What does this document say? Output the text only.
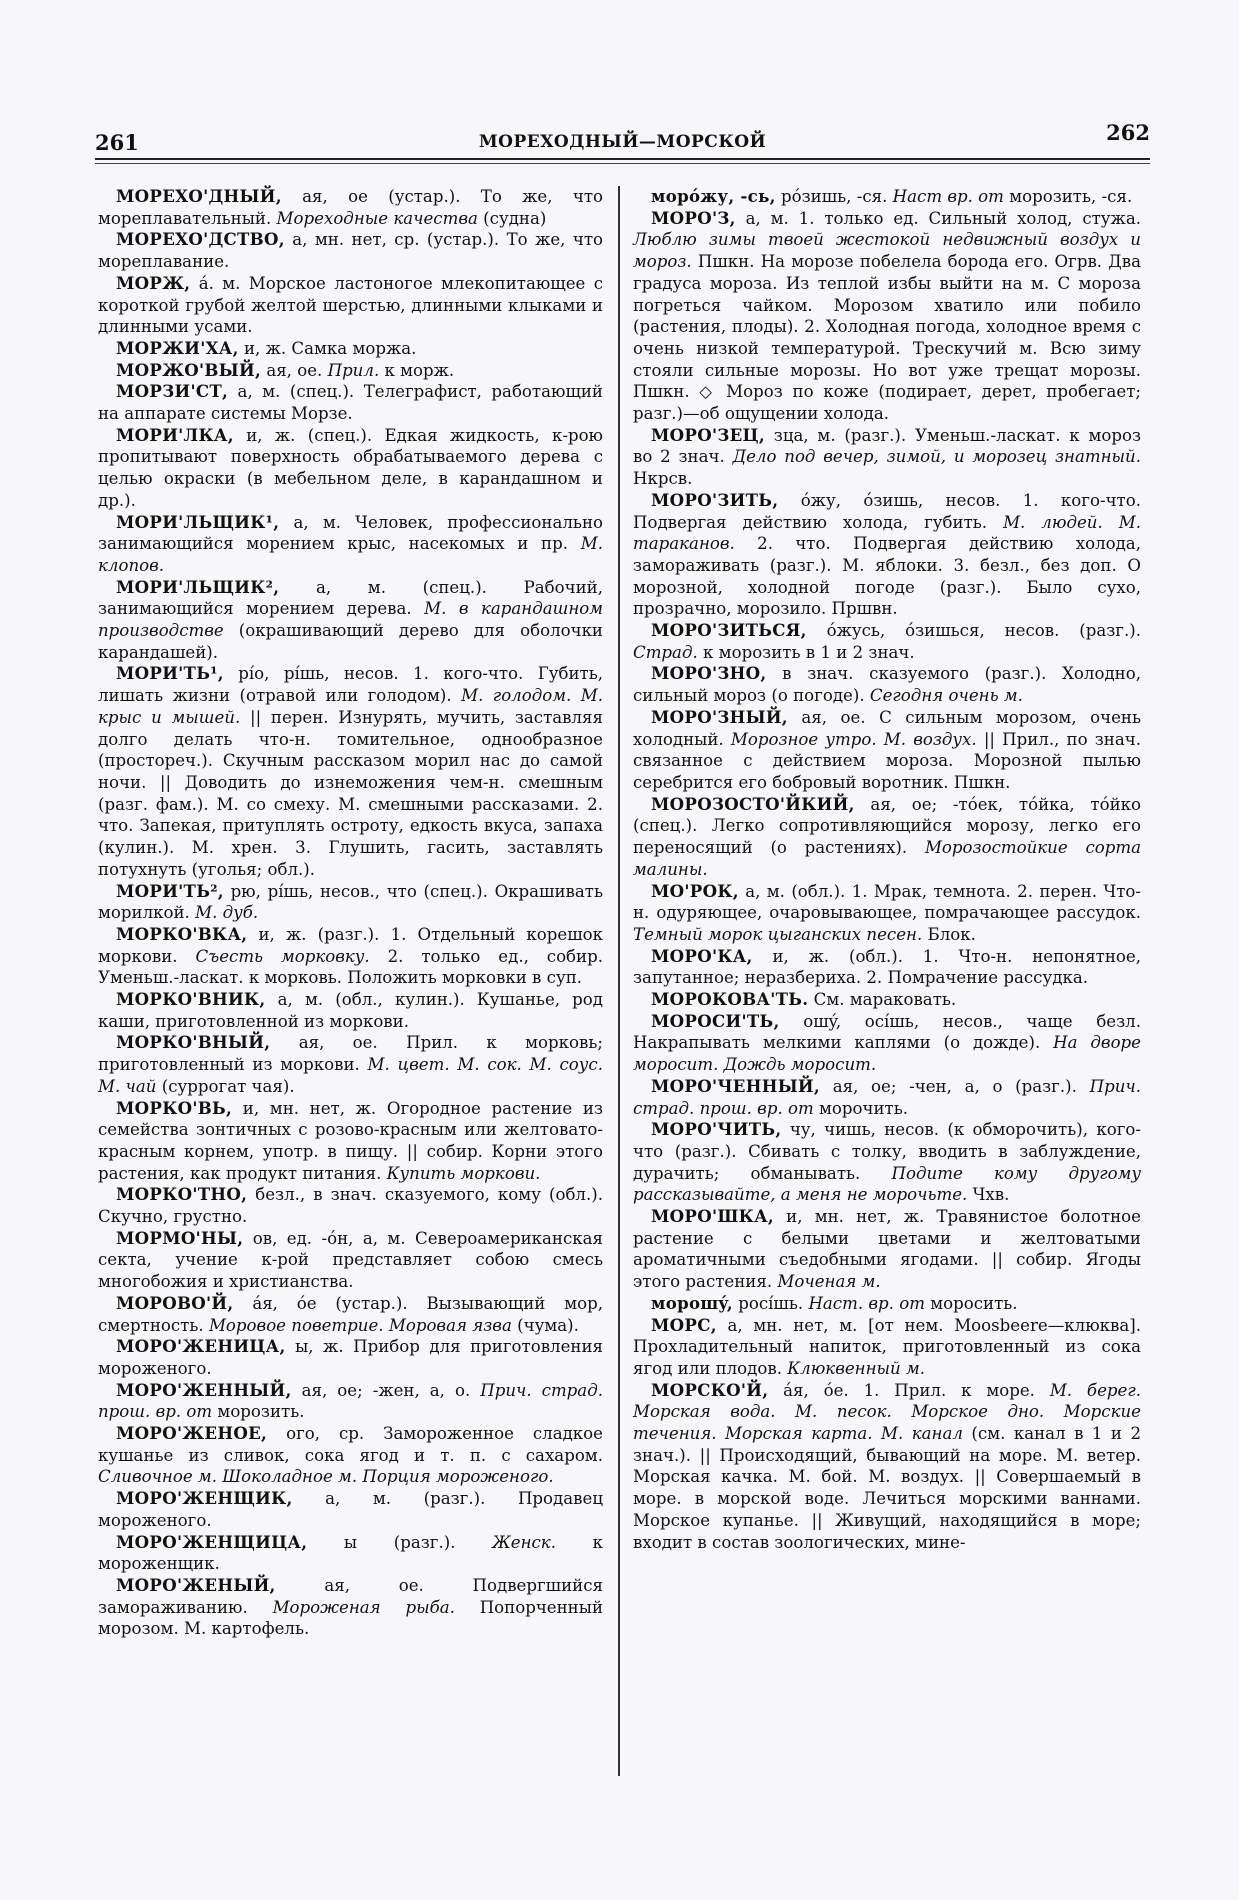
261	МОРЕХОДНЫЙ—МОРСКОЙ	262

МОРЕХО'ДНЫЙ, ая, ое (устар.). То же, что мореплавательный. Мореходные качества (судна)

МОРЕХО'ДСТВО, а, мн. нет, ср. (устар.). То же, что мореплавание.

МОРЖ, á. м. Морское ластоногое млекопитающее с короткой грубой желтой шерстью, длинными клыками и длинными усами.

МОРЖИ'ХА, и, ж. Самка моржа.

МОРЖО'ВЫЙ, ая, ое. Прил. к морж.

МОРЗИ'СТ, а, м. (спец.). Телеграфист, работающий на аппарате системы Морзе.

МОРИ'ЛКА, и, ж. (спец.). Едкая жидкость, к-рою пропитывают поверхность обрабатываемого дерева с целью окраски (в мебельном деле, в карандашном и др.).

МОРИ'ЛЬЩИК¹, а, м. Человек, профессионально занимающийся морением крыс, насекомых и пр. М. клопов.

МОРИ'ЛЬЩИК², а, м. (спец.). Рабочий, занимающийся морением дерева. М. в карандашном производстве (окрашивающий дерево для оболочки карандашей).

МОРИ'ТЬ¹, рíо, рíшь, несов. 1. кого-что. Губить, лишать жизни (отравой или голодом). М. голодом. М. крыс и мышей. || перен. Изнурять, мучить, заставляя долго делать что-н. томительное, однообразное (простореч.). Скучным рассказом морил нас до самой ночи. || Доводить до изнеможения чем-н. смешным (разг. фам.). М. со смеху. М. смешными рассказами. 2. что. Запекая, притуплять остроту, едкость вкуса, запаха (кулин.). М. хрен. 3. Глушить, гасить, заставлять потухнуть (уголья; обл.).

МОРИ'ТЬ², рю, рíшь, несов., что (спец.). Окрашивать морилкой. М. дуб.

МОРКО'ВКА, и, ж. (разг.). 1. Отдельный корешок моркови. Съесть морковку. 2. только ед., собир. Уменьш.-ласкат. к морковь. Положить морковки в суп.

МОРКО'ВНИК, а, м. (обл., кулин.). Кушанье, род каши, приготовленной из моркови.

МОРКО'ВНЫЙ, ая, ое. Прил. к морковь; приготовленный из моркови. М. цвет. М. сок. М. соус. М. чай (суррогат чая).

МОРКО'ВЬ, и, мн. нет, ж. Огородное растение из семейства зонтичных с розово-красным или желтовато-красным корнем, употр. в пищу. || собир. Корни этого растения, как продукт питания. Купить моркови.

МОРКО'ТНО, безл., в знач. сказуемого, кому (обл.). Скучно, грустно.

МОРМО'НЫ, ов, ед. -óн, а, м. Североамериканская секта, учение к-рой представляет собою смесь многобожия и христианства.

МОРОВО'Й, áя, óе (устар.). Вызывающий мор, смертность. Моровое поветрие. Моровая язва (чума).

МОРО'ЖЕНИЦА, ы, ж. Прибор для приготовления мороженого.

МОРО'ЖЕННЫЙ, ая, ое; -жен, а, о. Прич. страд. прош. вр. от морозить.

МОРО'ЖЕНОЕ, ого, ср. Замороженное сладкое кушанье из сливок, сока ягод и т. п. с сахаром. Сливочное м. Шоколадное м. Порция мороженого.

МОРО'ЖЕНЩИК, а, м. (разг.). Продавец мороженого.

МОРО'ЖЕНЩИЦА, ы (разг.). Женск. к мороженщик.

МОРО'ЖЕНЫЙ,	ая, ое. Подвергшийся замораживанию. Мороженая рыба. Попорченный морозом. М. картофель.

морóжу, -сь, рóзишь, -ся. Наст вр. от морозить, -ся.

МОРО'З, а, м. 1. только ед. Сильный холод, стужа. Люблю зимы твоей жестокой недвижный воздух и мороз. Пшкн. На морозе побелела борода его. Огрв. Два градуса мороза. Из теплой избы выйти на м. С мороза погреться чайком. Морозом хватило или побило (растения, плоды). 2. Холодная погода, холодное время с очень низкой температурой. Трескучий м. Всю зиму стояли сильные морозы. Но вот уже трещат морозы. Пшкн. ◇ Мороз по коже (подирает, дерет, пробегает; разг.)—об ощущении холода.

МОРО'ЗЕЦ, зца, м. (разг.). Уменьш.-ласкат. к мороз во 2 знач. Дело под вечер, зимой, и морозец знатный. Нкрсв.

МОРО'ЗИТЬ, óжу, óзишь, несов. 1. кого-что. Подвергая действию холода, губить. М. людей. М. тараканов. 2. что. Подвергая действию холода, замораживать (разг.). М. яблоки. 3. безл., без доп. О морозной, холодной погоде (разг.). Было сухо, прозрачно, морозило. Пршвн.

МОРО'ЗИТЬСЯ, óжусь, óзишься, несов. (разг.). Страд. к морозить в 1 и 2 знач.

МОРО'ЗНО, в знач. сказуемого (разг.). Холодно, сильный мороз (о погоде). Сегодня очень м.

МОРО'ЗНЫЙ, ая, ое. С сильным морозом, очень холодный. Морозное утро. М. воздух. || Прил., по знач. связанное с действием мороза. Морозной пылью серебрится его бобровый воротник. Пшкн.

МОРОЗОСТО'ЙКИЙ, ая, ое; -тóек, тóйка, тóйко (спец.). Легко сопротивляющийся морозу, легко его переносящий (о растениях). Морозостойкие сорта малины.

МО'РОК, а, м. (обл.). 1. Мрак, темнота. 2. перен. Что-н. одуряющее, очаровывающее, помрачающее рассудок. Темный морок цыганских песен. Блок.

МОРО'КА, и, ж. (обл.). 1. Что-н. непонятное, запутанное; неразбериха. 2. Помрачение рассудка.

МОРОКОВА'ТЬ. См. мараковать.

МОРОСИ'ТЬ, ошý, осíшь, несов., чаще безл. Накрапывать мелкими каплями (о дожде). На дворе моросит. Дождь моросит.

МОРО'ЧЕННЫЙ, ая, ое; -чен, а, о (разг.). Прич. страд. прош. вр. от морочить.

МОРО'ЧИТЬ, чу, чишь, несов. (к обморочить), кого-что (разг.). Сбивать с толку, вводить в заблуждение, дурачить; обманывать. Подите кому другому рассказывайте, а меня не морочьте. Чхв.

МОРО'ШКА, и, мн. нет, ж. Травянистое болотное растение с белыми цветами и желтоватыми ароматичными съедобными ягодами. || собир. Ягоды этого растения. Моченая м.

морошý, росíшь. Наст. вр. от моросить.

МОРС, а, мн. нет, м. [от нем. Moosbeere—клюква]. Прохладительный напиток, приготовленный из сока ягод или плодов. Клюквенный м.

МОРСКО'Й, áя, óе. 1. Прил. к море. М. берег. Морская вода. М. песок. Морское дно. Морские течения. Морская карта. М. канал (см. канал в 1 и 2 знач.). || Происходящий, бывающий на море. М. ветер. Морская качка. М. бой. М. воздух. || Совершаемый в море. в морской воде. Лечиться морскими ваннами. Морское купанье. || Живущий, находящийся в море; входит в состав зоологических, мине-
